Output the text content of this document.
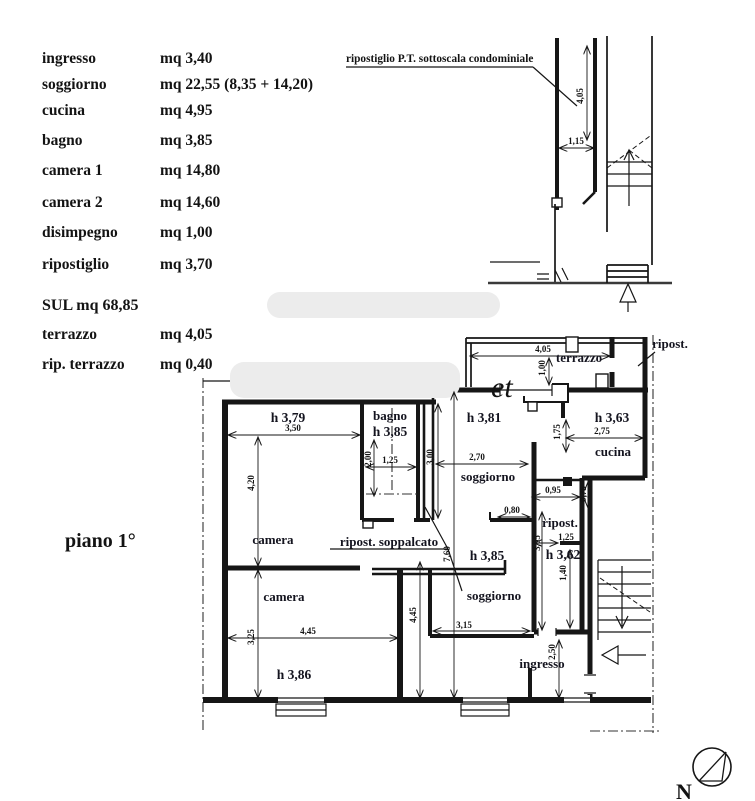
ingresso	mq 3,40
soggiorno	mq 22,55 (8,35 + 14,20)
cucina	mq 4,95
bagno	mq 3,85
camera 1	mq 14,80
camera 2	mq 14,60
disimpegno	mq 1,00
ripostiglio	mq 3,70
SUL mq 68,85
terrazzo	mq 4,05
rip. terrazzo mq 0,40
piano 1°
4,05
1,15
ripostiglio P.T. sottoscala condominiale
et
3,50
4,20
3,25	4,45
4,45
7,60
2,70
3,00
2,00 1,25
2,75
1,75
0,95 0,75
0,80
3,05 1,25
1,40
3,15
2,50
4,05
1,00
terrazzo
ripost.
h 3,79	bagno
h 3,85
h 3,81	h 3,63
cucina
soggiorno
ripost.
h 3,62
h 3,85
soggiorno
camera
camera
h 3,86
ingresso
ripost. soppalcato
N
